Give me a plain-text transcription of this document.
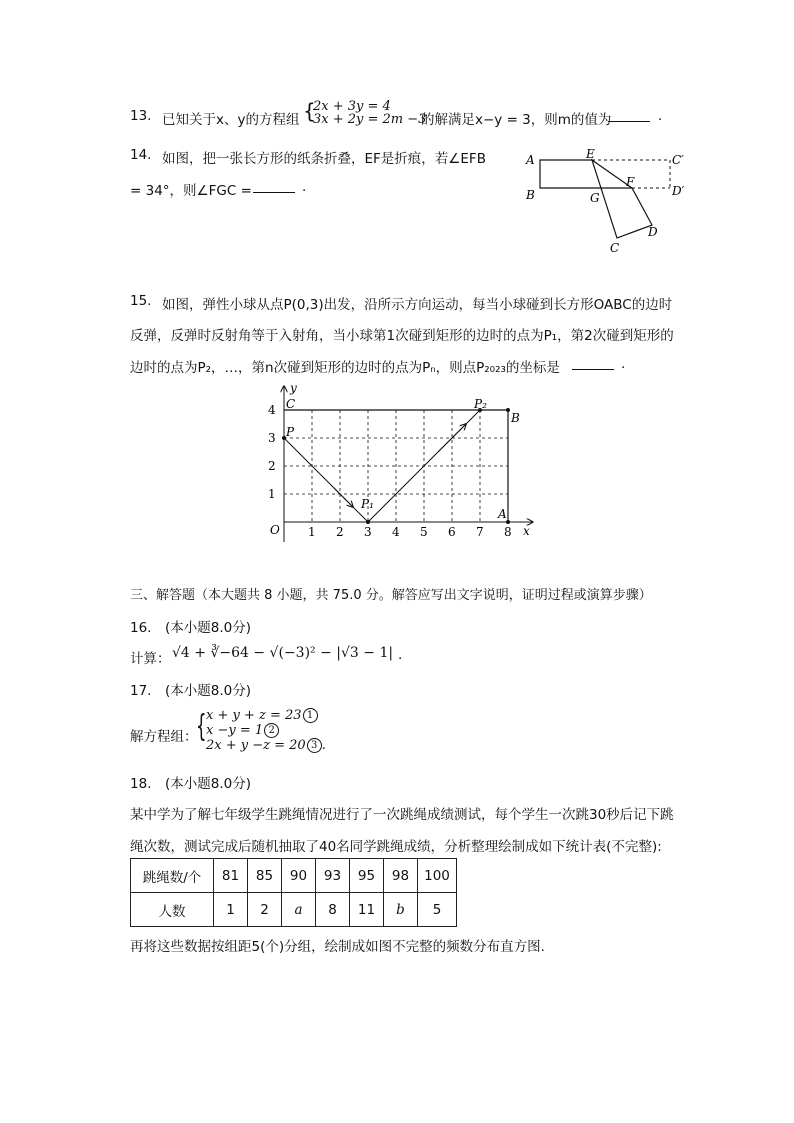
13. 已知关于x、y的方程组 {
2x + 3y = 4
3x + 2y = 2m −3
的解满足x−y = 3，则m的值为	.
14. 如图，把一张长方形的纸条折叠，EF是折痕，若∠EFB
= 34°，则∠FGC =	.
A
B
E	C′
D′
F
G
C
D
15. 如图，弹性小球从点P(0,3)出发，沿所示方向运动，每当小球碰到长方形OABC的边时
反弹，反弹时反射角等于入射角，当小球第1次碰到矩形的边时的点为P₁，第2次碰到矩形的
边时的点为P₂，…，第n次碰到矩形的边时的点为Pₙ，则点P₂₀₂₃的坐标是	.
1 2 3 4 5 6 7 8
1
2
3
4
x
y
O
C
B
A
P
P₁
P₂
三、解答题（本大题共 8 小题，共 75.0 分。解答应写出文字说明，证明过程或演算步骤）
16.　(本小题8.0分)
计算： √4 + ∛−64 − √(−3)² − |√3 − 1| .
17.　(本小题8.0分)
解方程组：
{ x + y + z = 23 1
x −y = 1 2
2x + y −z = 20 3 .
18.　(本小题8.0分)
某中学为了解七年级学生跳绳情况进行了一次跳绳成绩测试，每个学生一次跳30秒后记下跳
绳次数，测试完成后随机抽取了40名同学跳绳成绩，分析整理绘制成如下统计表(不完整):
跳绳数/个	81	85	90	93	95	98	100
人数	1	2	a	8	11	b	5
再将这些数据按组距5(个)分组，绘制成如图不完整的频数分布直方图.
